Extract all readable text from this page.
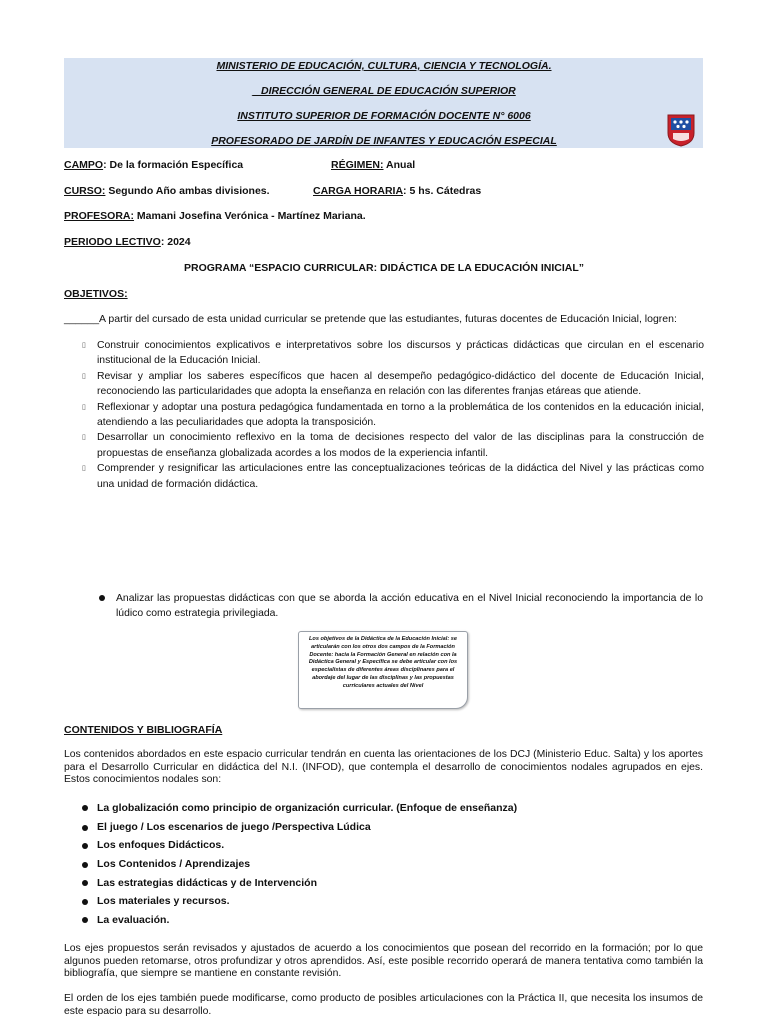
MINISTERIO DE EDUCACIÓN, CULTURA, CIENCIA Y TECNOLOGÍA.
_ DIRECCIÓN GENERAL DE EDUCACIÓN SUPERIOR
INSTITUTO SUPERIOR DE FORMACIÓN DOCENTE N° 6006
PROFESORADO DE JARDÍN DE INFANTES Y EDUCACIÓN ESPECIAL
CAMPO: De la formación Específica	RÉGIMEN: Anual
CURSO: Segundo Año ambas divisiones.	CARGA HORARIA: 5 hs. Cátedras
PROFESORA: Mamani Josefina Verónica - Martínez Mariana.
PERIODO LECTIVO: 2024
PROGRAMA “ESPACIO CURRICULAR: DIDÁCTICA DE LA EDUCACIÓN INICIAL”
OBJETIVOS:
______A partir del cursado de esta unidad curricular se pretende que las estudiantes, futuras docentes de Educación Inicial, logren:
▯ Construir conocimientos explicativos e interpretativos sobre los discursos y prácticas didácticas que circulan en el escenario institucional de la Educación Inicial.
▯ Revisar y ampliar los saberes específicos que hacen al desempeño pedagógico-didáctico del docente de Educación Inicial, reconociendo las particularidades que adopta la enseñanza en relación con las diferentes franjas etáreas que atiende.
▯ Reflexionar y adoptar una postura pedagógica fundamentada en torno a la problemática de los contenidos en la educación inicial, atendiendo a las peculiaridades que adopta la transposición.
▯ Desarrollar un conocimiento reflexivo en la toma de decisiones respecto del valor de las disciplinas para la construcción de propuestas de enseñanza globalizada acordes a los modos de la experiencia infantil.
▯ Comprender y resignificar las articulaciones entre las conceptualizaciones teóricas de la didáctica del Nivel y las prácticas como una unidad de formación didáctica.
Analizar las propuestas didácticas con que se aborda la acción educativa en el Nivel Inicial reconociendo la importancia de lo lúdico como estrategia privilegiada.
Los objetivos de la Didáctica de la Educación Inicial: se articularán con los otros dos campos de la Formación Docente: hacia la Formación General en relación con la Didáctica General y Específica se debe articular con los especialistas de diferentes áreas disciplinares para el abordaje del lugar de las disciplinas y las propuestas curriculares actuales del Nivel
CONTENIDOS Y BIBLIOGRAFÍA
Los contenidos abordados en este espacio curricular tendrán en cuenta las orientaciones de los DCJ (Ministerio Educ. Salta) y los aportes para el Desarrollo Curricular en didáctica del N.I. (INFOD), que contempla el desarrollo de conocimientos nodales agrupados en ejes. Estos conocimientos nodales son:
La globalización como principio de organización curricular. (Enfoque de enseñanza)
El juego / Los escenarios de juego /Perspectiva Lúdica
Los enfoques Didácticos.
Los Contenidos / Aprendizajes
Las estrategias didácticas y de Intervención
Los materiales y recursos.
La evaluación.
Los ejes propuestos serán revisados y ajustados de acuerdo a los conocimientos que posean del recorrido en la formación; por lo que algunos pueden retomarse, otros profundizar y otros aprendidos. Así, este posible recorrido operará de manera tentativa como también la bibliografía, que siempre se mantiene en constante revisión.
El orden de los ejes también puede modificarse, como producto de posibles articulaciones con la Práctica II, que necesita los insumos de este espacio para su desarrollo.
